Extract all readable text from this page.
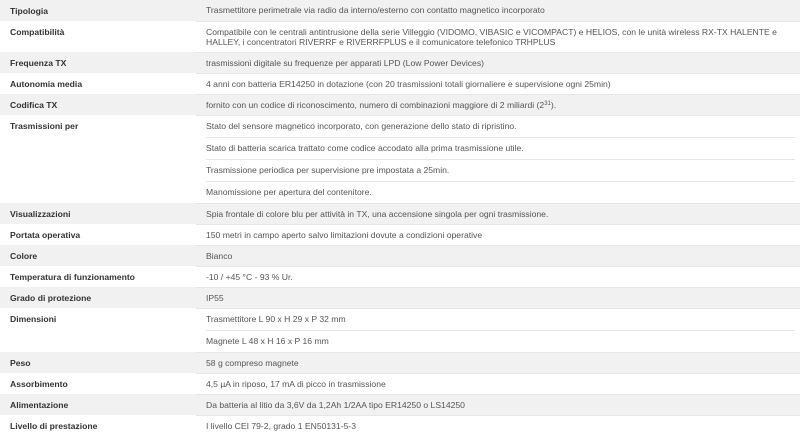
Tipologia	Trasmettitore perimetrale via radio da interno/esterno con contatto magnetico incorporato
Compatibilità	Compatibile con le centrali antintrusione della serie Villeggio (VIDOMO, VIBASIC e VICOMPACT) e HELIOS, con le unità wireless RX-TX HALENTE e HALLEY, i concentratori RIVERRF e RIVERRFPLUS e il comunicatore telefonico TRHPLUS
Frequenza TX	trasmissioni digitale su frequenze per apparati LPD (Low Power Devices)
Autonomia media	4 anni con batteria ER14250 in dotazione (con 20 trasmissioni totali giornaliere e supervisione ogni 25min)
Codifica TX	fornito con un codice di riconoscimento, numero di combinazioni maggiore di 2 miliardi $(2^{31})$.
Trasmissioni per	Stato del sensore magnetico incorporato, con generazione dello stato di ripristino.
Stato di batteria scarica trattato come codice accodato alla prima trasmissione utile.
Trasmissione periodica per supervisione pre impostata a 25min.
Manomissione per apertura del contenitore.

Visualizzazioni	Spia frontale di colore blu per attività in TX, una accensione singola per ogni trasmissione.
Portata operativa	150 metri in campo aperto salvo limitazioni dovute a condizioni operative
Colore	Bianco
Temperatura di funzionamento	-10 / +45 °C - 93 % Ur.
Grado di protezione	IP55
Dimensioni	Trasmettitore L 90 x H 29 x P 32 mm
Magnete L 48 x H 16 x P 16 mm

Peso	58 g compreso magnete
Assorbimento	4,5 µA in riposo, 17 mA di picco in trasmissione
Alimentazione	Da batteria al litio da 3,6V da 1,2Ah 1/2AA tipo ER14250 o LS14250
Livello di prestazione	I livello CEI 79-2, grado 1 EN50131-5-3
